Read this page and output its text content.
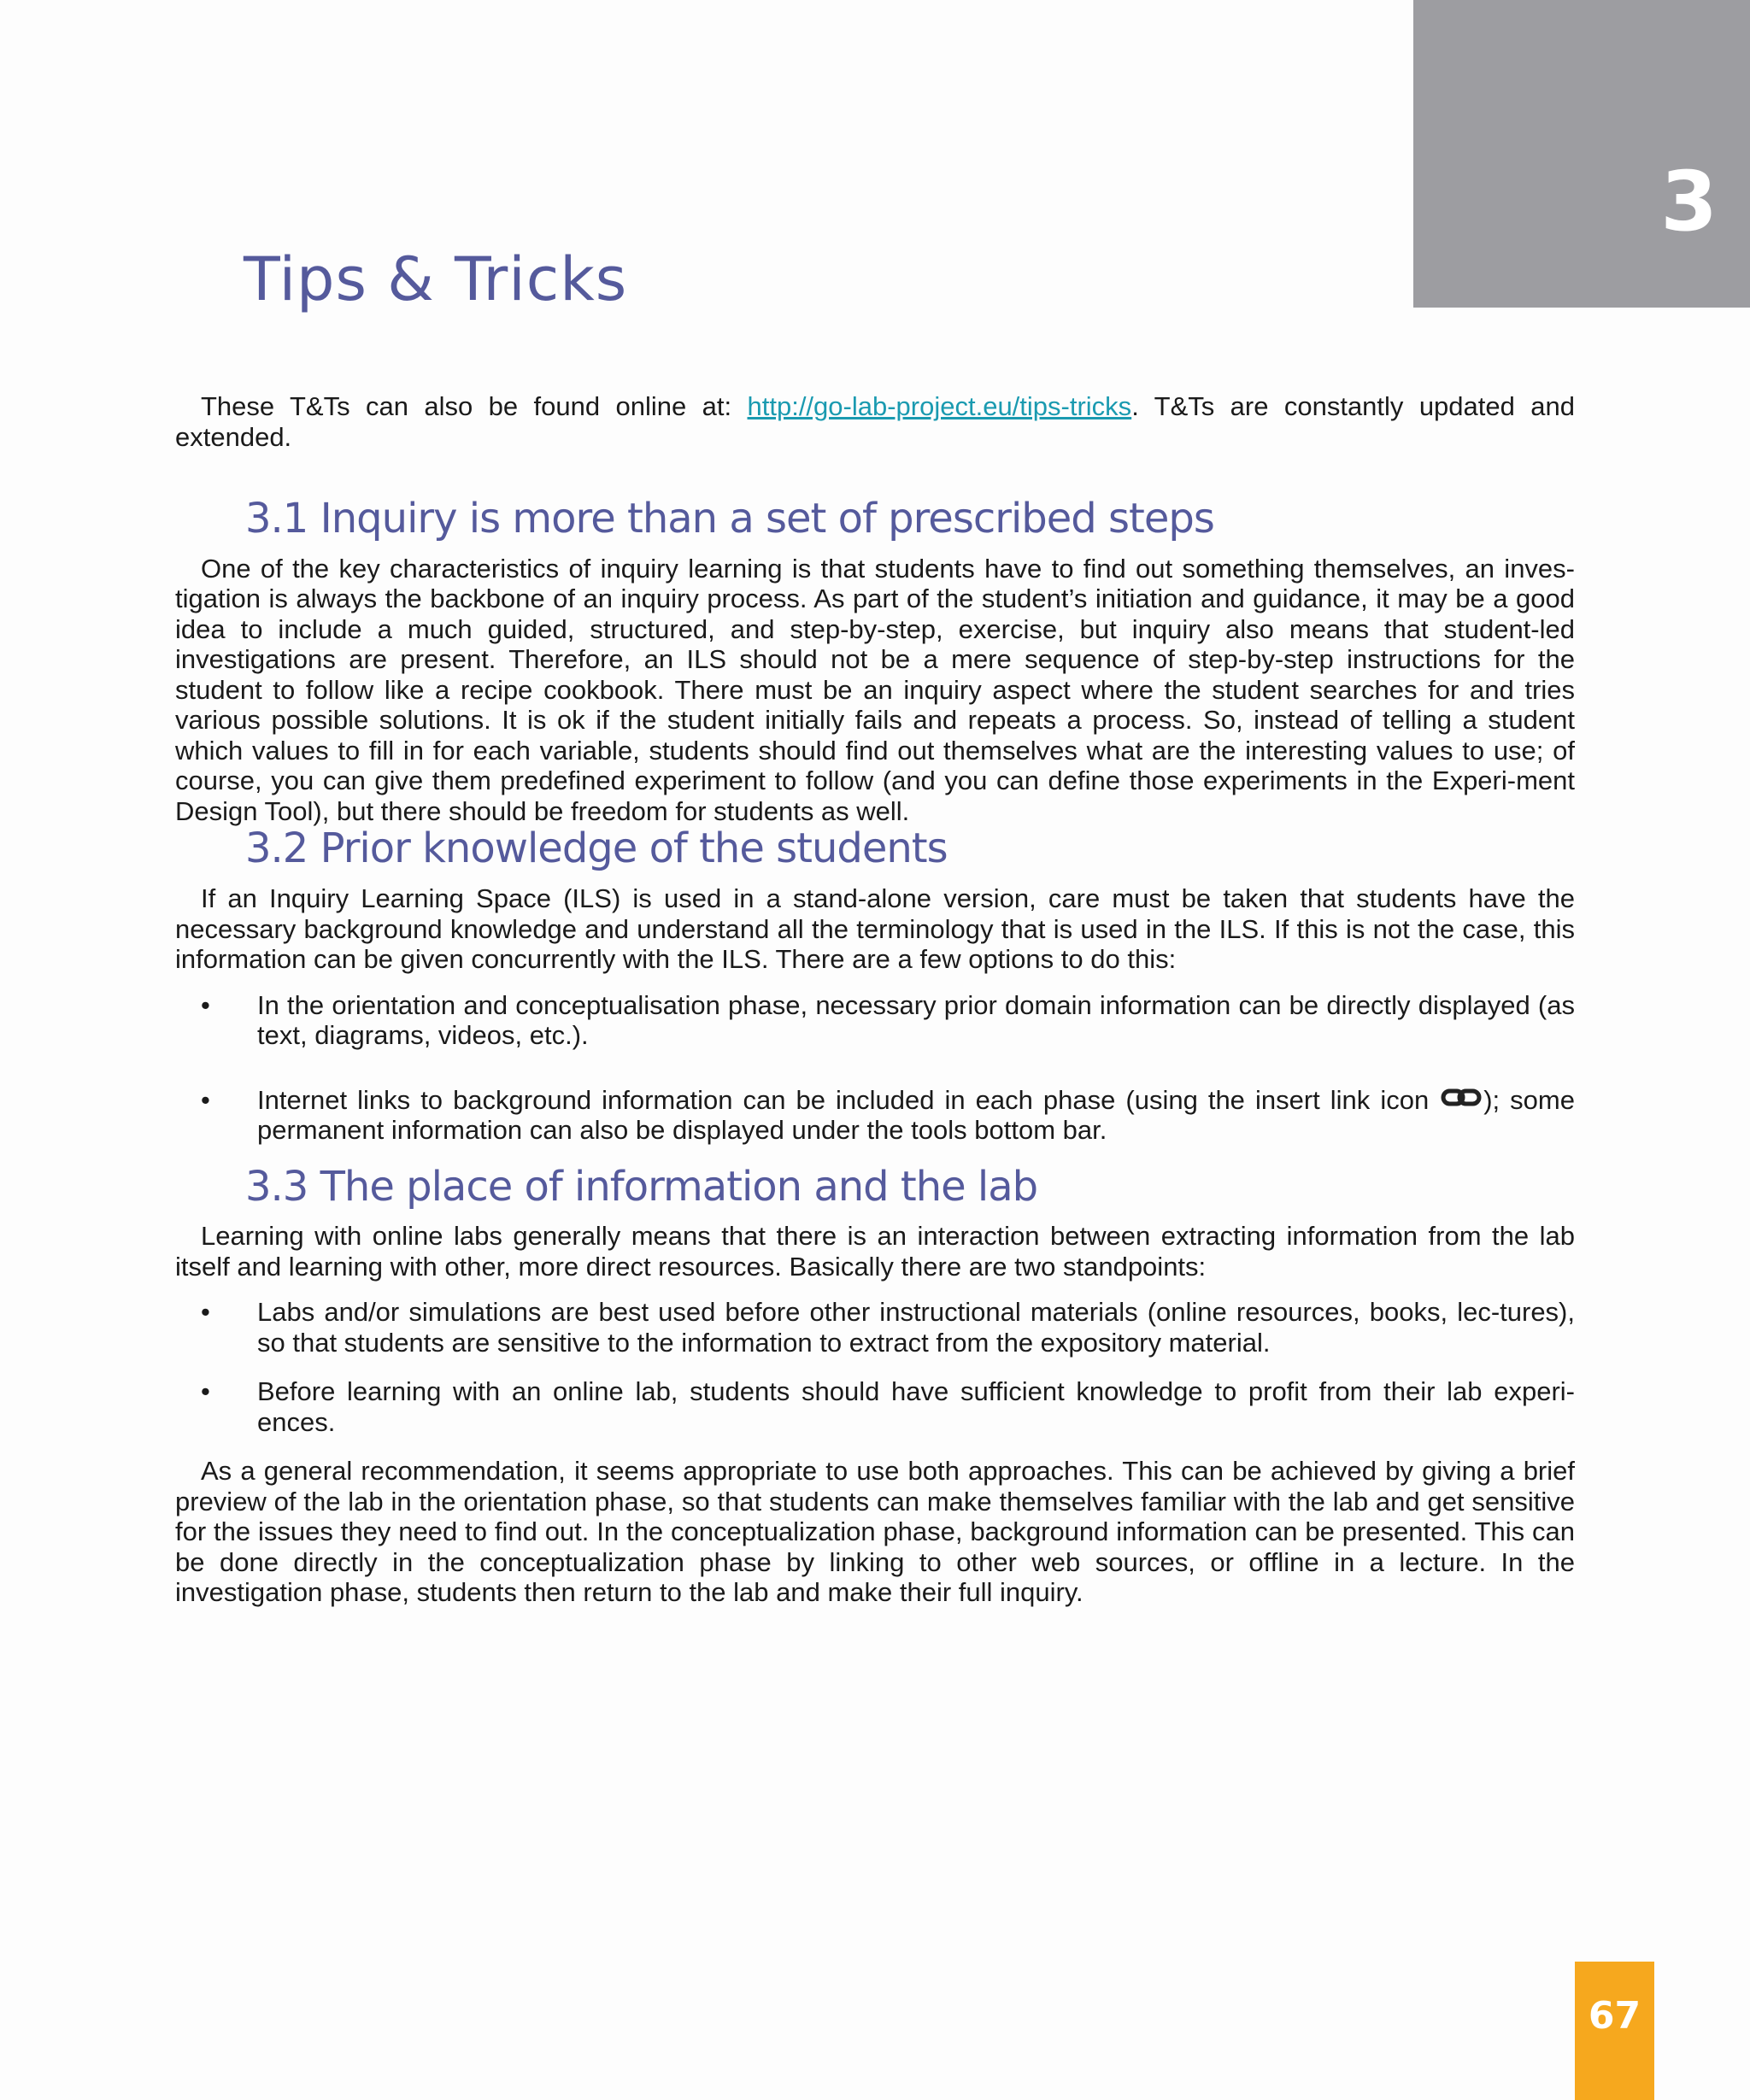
3
Tips & Tricks

These T&Ts can also be found online at: http://go-lab-project.eu/tips-tricks. T&Ts are constantly updated and extended.

3.1 Inquiry is more than a set of prescribed steps

One of the key characteristics of inquiry learning is that students have to find out something themselves, an inves-tigation is always the backbone of an inquiry process. As part of the student’s initiation and guidance, it may be a good idea to include a much guided, structured, and step-by-step, exercise, but inquiry also means that student-led investigations are present. Therefore, an ILS should not be a mere sequence of step-by-step instructions for the student to follow like a recipe cookbook. There must be an inquiry aspect where the student searches for and tries various possible solutions. It is ok if the student initially fails and repeats a process. So, instead of telling a student which values to fill in for each variable, students should find out themselves what are the interesting values to use; of course, you can give them predefined experiment to follow (and you can define those experiments in the Experi-ment Design Tool), but there should be freedom for students as well.

3.2 Prior knowledge of the students

If an Inquiry Learning Space (ILS) is used in a stand-alone version, care must be taken that students have the necessary background knowledge and understand all the terminology that is used in the ILS. If this is not the case, this information can be given concurrently with the ILS. There are a few options to do this:

• In the orientation and conceptualisation phase, necessary prior domain information can be directly displayed (as text, diagrams, videos, etc.).
• Internet links to background information can be included in each phase (using the insert link icon ); some permanent information can also be displayed under the tools bottom bar.
3.3 The place of information and the lab

Learning with online labs generally means that there is an interaction between extracting information from the lab itself and learning with other, more direct resources. Basically there are two standpoints:

• Labs and/or simulations are best used before other instructional materials (online resources, books, lec-tures), so that students are sensitive to the information to extract from the expository material.
• Before learning with an online lab, students should have sufficient knowledge to profit from their lab experi-ences.

As a general recommendation, it seems appropriate to use both approaches. This can be achieved by giving a brief preview of the lab in the orientation phase, so that students can make themselves familiar with the lab and get sensitive for the issues they need to find out. In the conceptualization phase, background information can be presented. This can be done directly in the conceptualization phase by linking to other web sources, or offline in a lecture. In the investigation phase, students then return to the lab and make their full inquiry.

67
